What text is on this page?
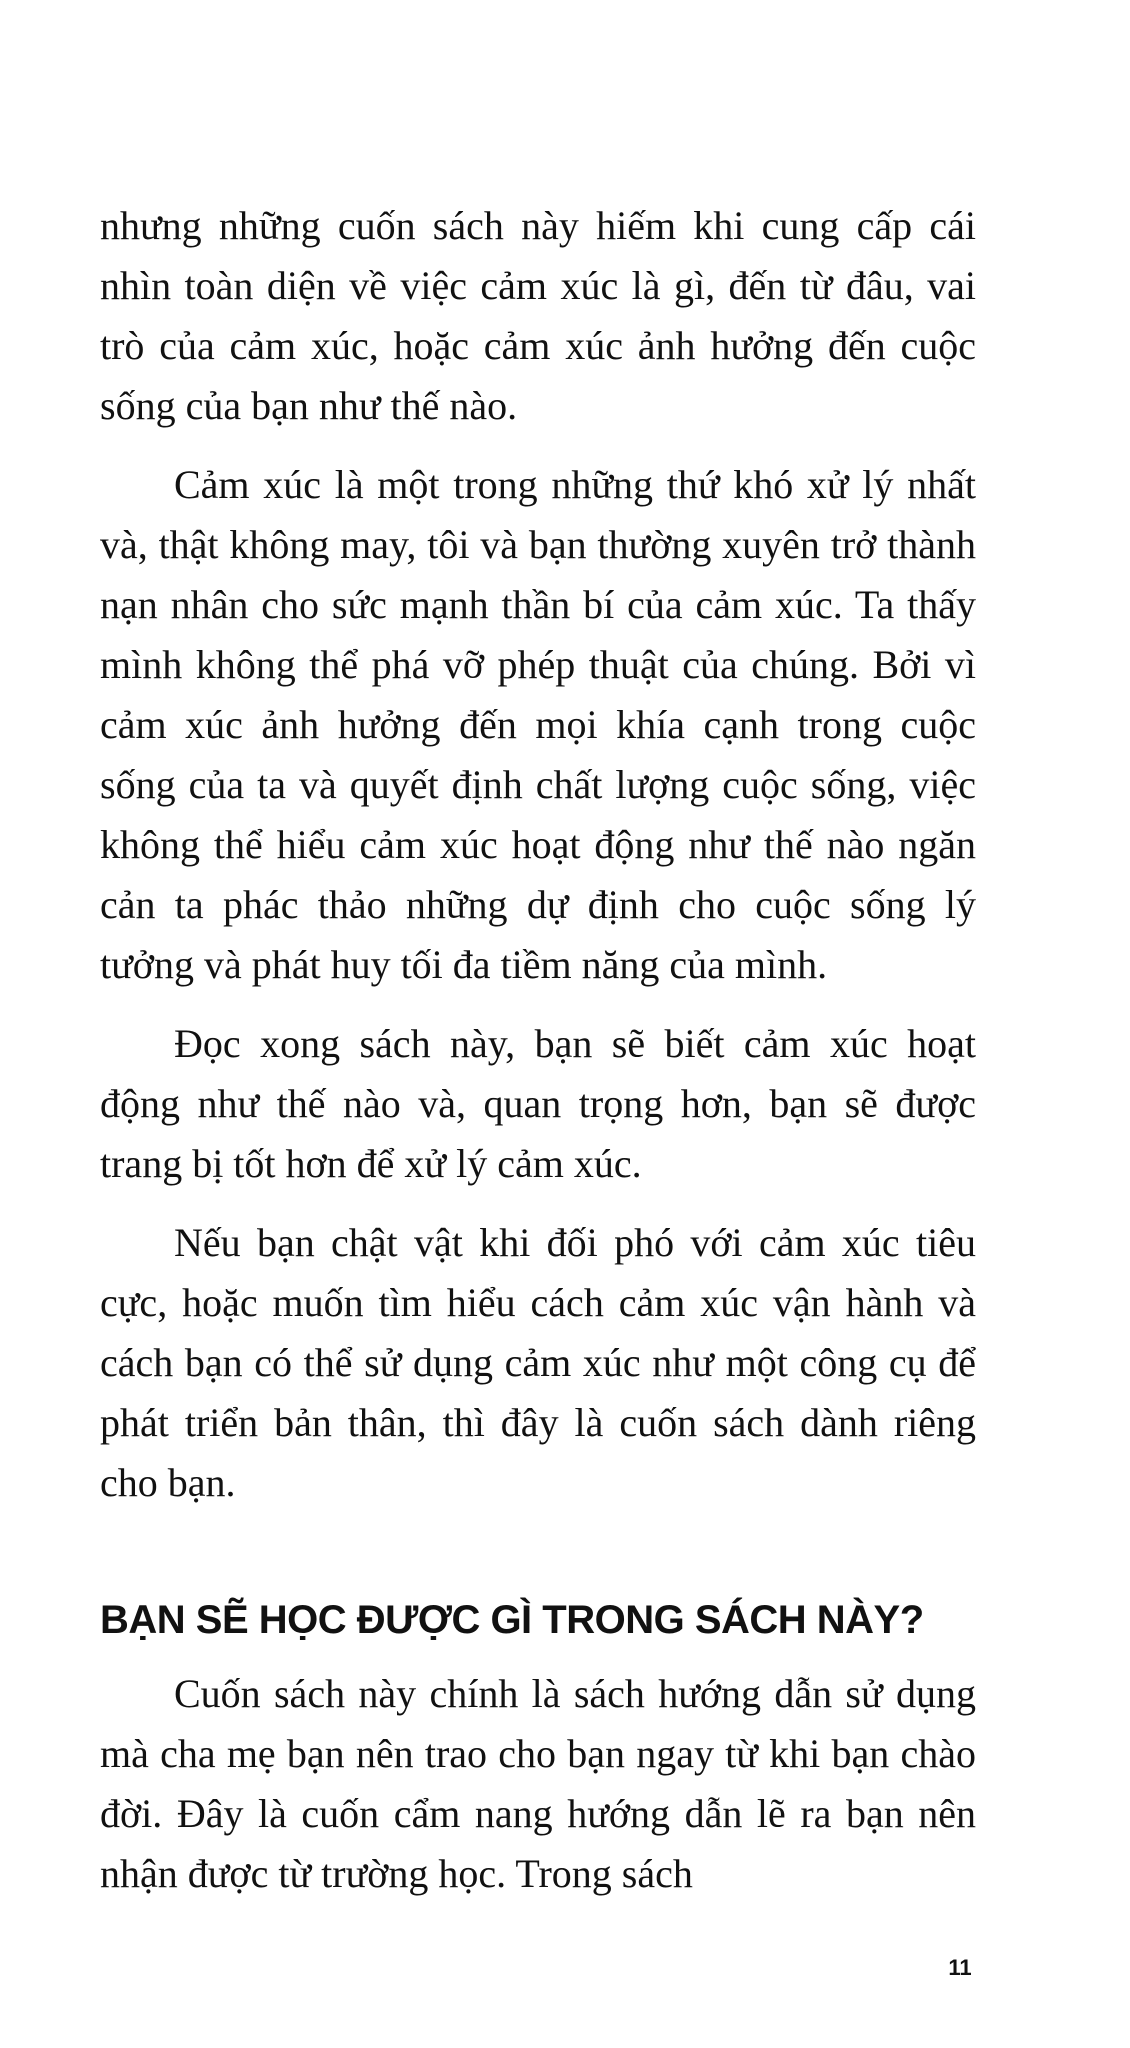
nhưng những cuốn sách này hiếm khi cung cấp cái nhìn toàn diện về việc cảm xúc là gì, đến từ đâu, vai trò của cảm xúc, hoặc cảm xúc ảnh hưởng đến cuộc sống của bạn như thế nào.

Cảm xúc là một trong những thứ khó xử lý nhất và, thật không may, tôi và bạn thường xuyên trở thành nạn nhân cho sức mạnh thần bí của cảm xúc. Ta thấy mình không thể phá vỡ phép thuật của chúng. Bởi vì cảm xúc ảnh hưởng đến mọi khía cạnh trong cuộc sống của ta và quyết định chất lượng cuộc sống, việc không thể hiểu cảm xúc hoạt động như thế nào ngăn cản ta phác thảo những dự định cho cuộc sống lý tưởng và phát huy tối đa tiềm năng của mình.

Đọc xong sách này, bạn sẽ biết cảm xúc hoạt động như thế nào và, quan trọng hơn, bạn sẽ được trang bị tốt hơn để xử lý cảm xúc.

Nếu bạn chật vật khi đối phó với cảm xúc tiêu cực, hoặc muốn tìm hiểu cách cảm xúc vận hành và cách bạn có thể sử dụng cảm xúc như một công cụ để phát triển bản thân, thì đây là cuốn sách dành riêng cho bạn.

BẠN SẼ HỌC ĐƯỢC GÌ TRONG SÁCH NÀY?

Cuốn sách này chính là sách hướng dẫn sử dụng mà cha mẹ bạn nên trao cho bạn ngay từ khi bạn chào đời. Đây là cuốn cẩm nang hướng dẫn lẽ ra bạn nên nhận được từ trường học. Trong sách

11
